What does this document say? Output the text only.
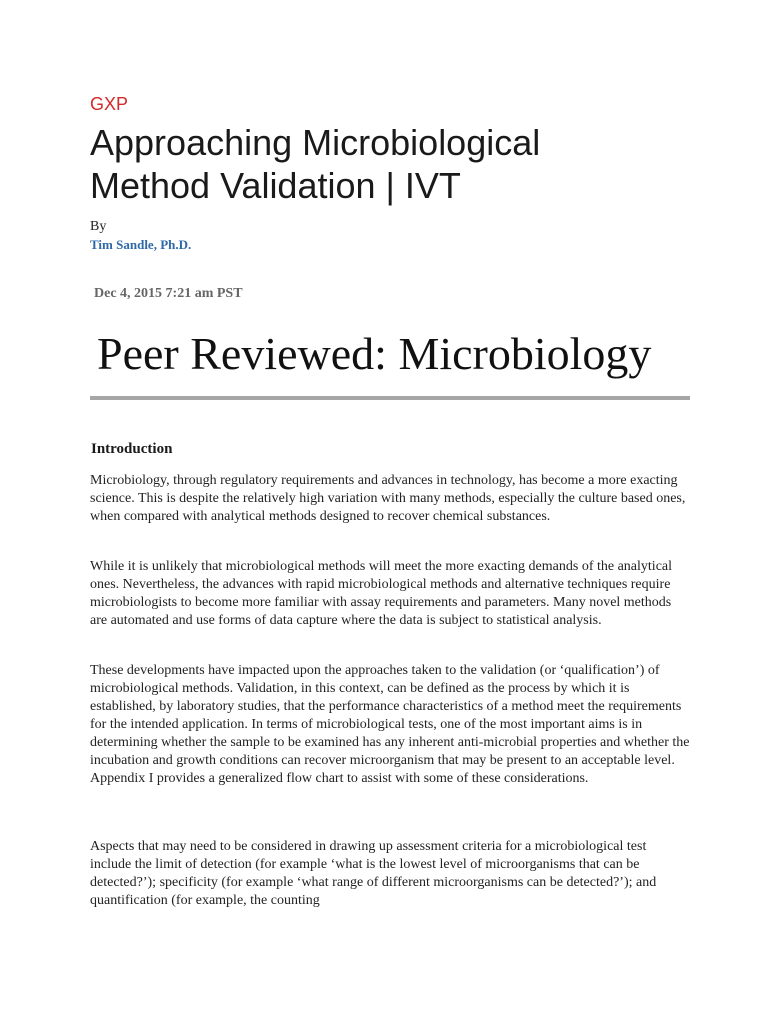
GXP
Approaching Microbiological
Method Validation | IVT
By
Tim Sandle, Ph.D.
Dec 4, 2015 7:21 am PST
Peer Reviewed: Microbiology
Introduction

Microbiology, through regulatory requirements and advances in technology, has become a more exacting science. This is despite the relatively high variation with many methods, especially the culture based ones, when compared with analytical methods designed to recover chemical substances.

While it is unlikely that microbiological methods will meet the more exacting demands of the analytical ones. Nevertheless, the advances with rapid microbiological methods and alternative techniques require microbiologists to become more familiar with assay requirements and parameters. Many novel methods are automated and use forms of data capture where the data is subject to statistical analysis.

These developments have impacted upon the approaches taken to the validation (or ‘qualification’) of microbiological methods. Validation, in this context, can be defined as the process by which it is established, by laboratory studies, that the performance characteristics of a method meet the requirements for the intended application. In terms of microbiological tests, one of the most important aims is in determining whether the sample to be examined has any inherent anti-microbial properties and whether the incubation and growth conditions can recover microorganism that may be present to an acceptable level. Appendix I provides a generalized flow chart to assist with some of these considerations.

Aspects that may need to be considered in drawing up assessment criteria for a microbiological test include the limit of detection (for example ‘what is the lowest level of microorganisms that can be detected?’); specificity (for example ‘what range of different microorganisms can be detected?’); and quantification (for example, the counting
